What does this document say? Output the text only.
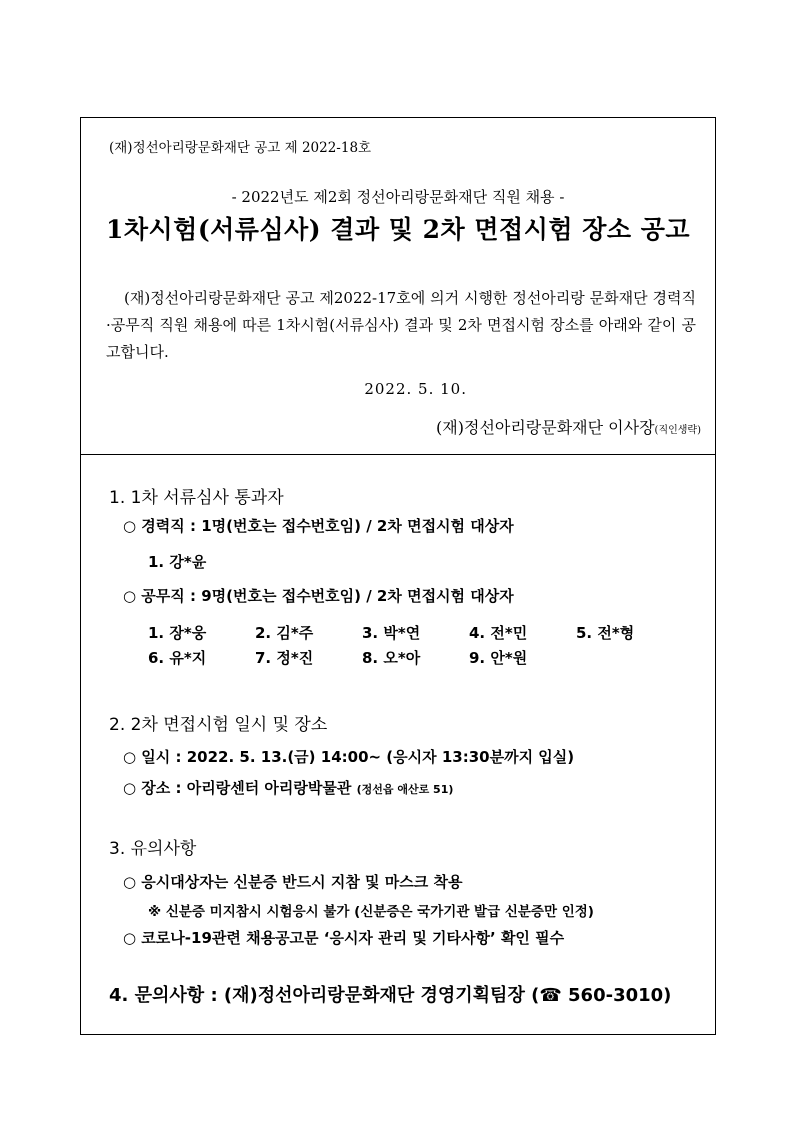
(재)정선아리랑문화재단 공고 제 2022-18호
- 2022년도 제2회 정선아리랑문화재단 직원 채용 -
1차시험(서류심사) 결과 및 2차 면접시험 장소 공고
(재)정선아리랑문화재단 공고 제2022-17호에 의거 시행한 정선아리랑 문화재단 경력직·공무직 직원 채용에 따른 1차시험(서류심사) 결과 및 2차 면접시험 장소를 아래와 같이 공고합니다.
2022. 5. 10.
(재)정선아리랑문화재단 이사장(직인생략)
1. 1차 서류심사 통과자
○ 경력직 : 1명(번호는 접수번호임) / 2차 면접시험 대상자
1. 강*윤
○ 공무직 : 9명(번호는 접수번호임) / 2차 면접시험 대상자
1. 장*웅	2. 김*주	3. 박*연	4. 전*민	5. 전*형
6. 유*지	7. 정*진	8. 오*아	9. 안*원
2. 2차 면접시험 일시 및 장소
○ 일시 : 2022. 5. 13.(금) 14:00~ (응시자 13:30분까지 입실)
○ 장소 : 아리랑센터 아리랑박물관 (정선읍 애산로 51)
3. 유의사항
○ 응시대상자는 신분증 반드시 지참 및 마스크 착용
※ 신분증 미지참시 시험응시 불가 (신분증은 국가기관 발급 신분증만 인정)
○ 코로나-19관련 채용공고문 ‘응시자 관리 및 기타사항’ 확인 필수
4. 문의사항 : (재)정선아리랑문화재단 경영기획팀장 (☎ 560-3010)
